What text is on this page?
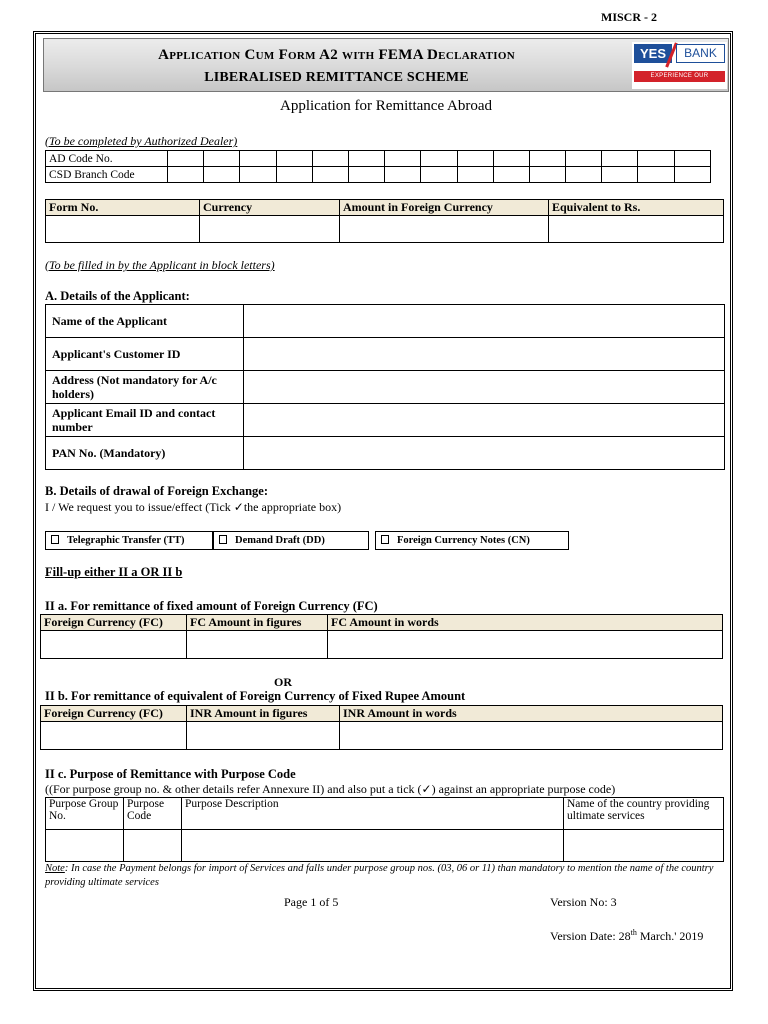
MISCR - 2
Application Cum Form A2 with FEMA Declaration
LIBERALISED REMITTANCE SCHEME
YES	BANK
EXPERIENCE OUR EXPERTISE
Application for Remittance Abroad
(To be completed by Authorized Dealer)
AD Code No.															
CSD Branch Code															
Form No.	Currency	Amount in Foreign Currency	Equivalent to Rs.

(To be filled in by the Applicant in block letters)
A. Details of the Applicant:
Name of the Applicant	
Applicant's Customer ID	
Address (Not mandatory for A/c holders)	
Applicant Email ID and contact number	
PAN No. (Mandatory)	
B. Details of drawal of Foreign Exchange:
I / We request you to issue/effect (Tick ✓the appropriate box)
Telegraphic Transfer (TT)	Demand Draft (DD)	Foreign Currency Notes (CN)
Fill-up either II a OR II b
II a. For remittance of fixed amount of Foreign Currency (FC)
Foreign Currency (FC)	FC Amount in figures	FC Amount in words

OR
II b. For remittance of equivalent of Foreign Currency of Fixed Rupee Amount
Foreign Currency (FC)	INR Amount in figures	INR Amount in words

II c. Purpose of Remittance with Purpose Code
((For purpose group no. & other details refer Annexure II) and also put a tick (✓) against an appropriate purpose code)
Purpose Group No.	Purpose Code	Purpose Description	Name of the country providing ultimate services

Note: In case the Payment belongs for import of Services and falls under purpose group nos. (03, 06 or 11) than mandatory to mention the name of the country providing ultimate services
Page 1 of 5	Version No: 3
Version Date: 28th March.' 2019
